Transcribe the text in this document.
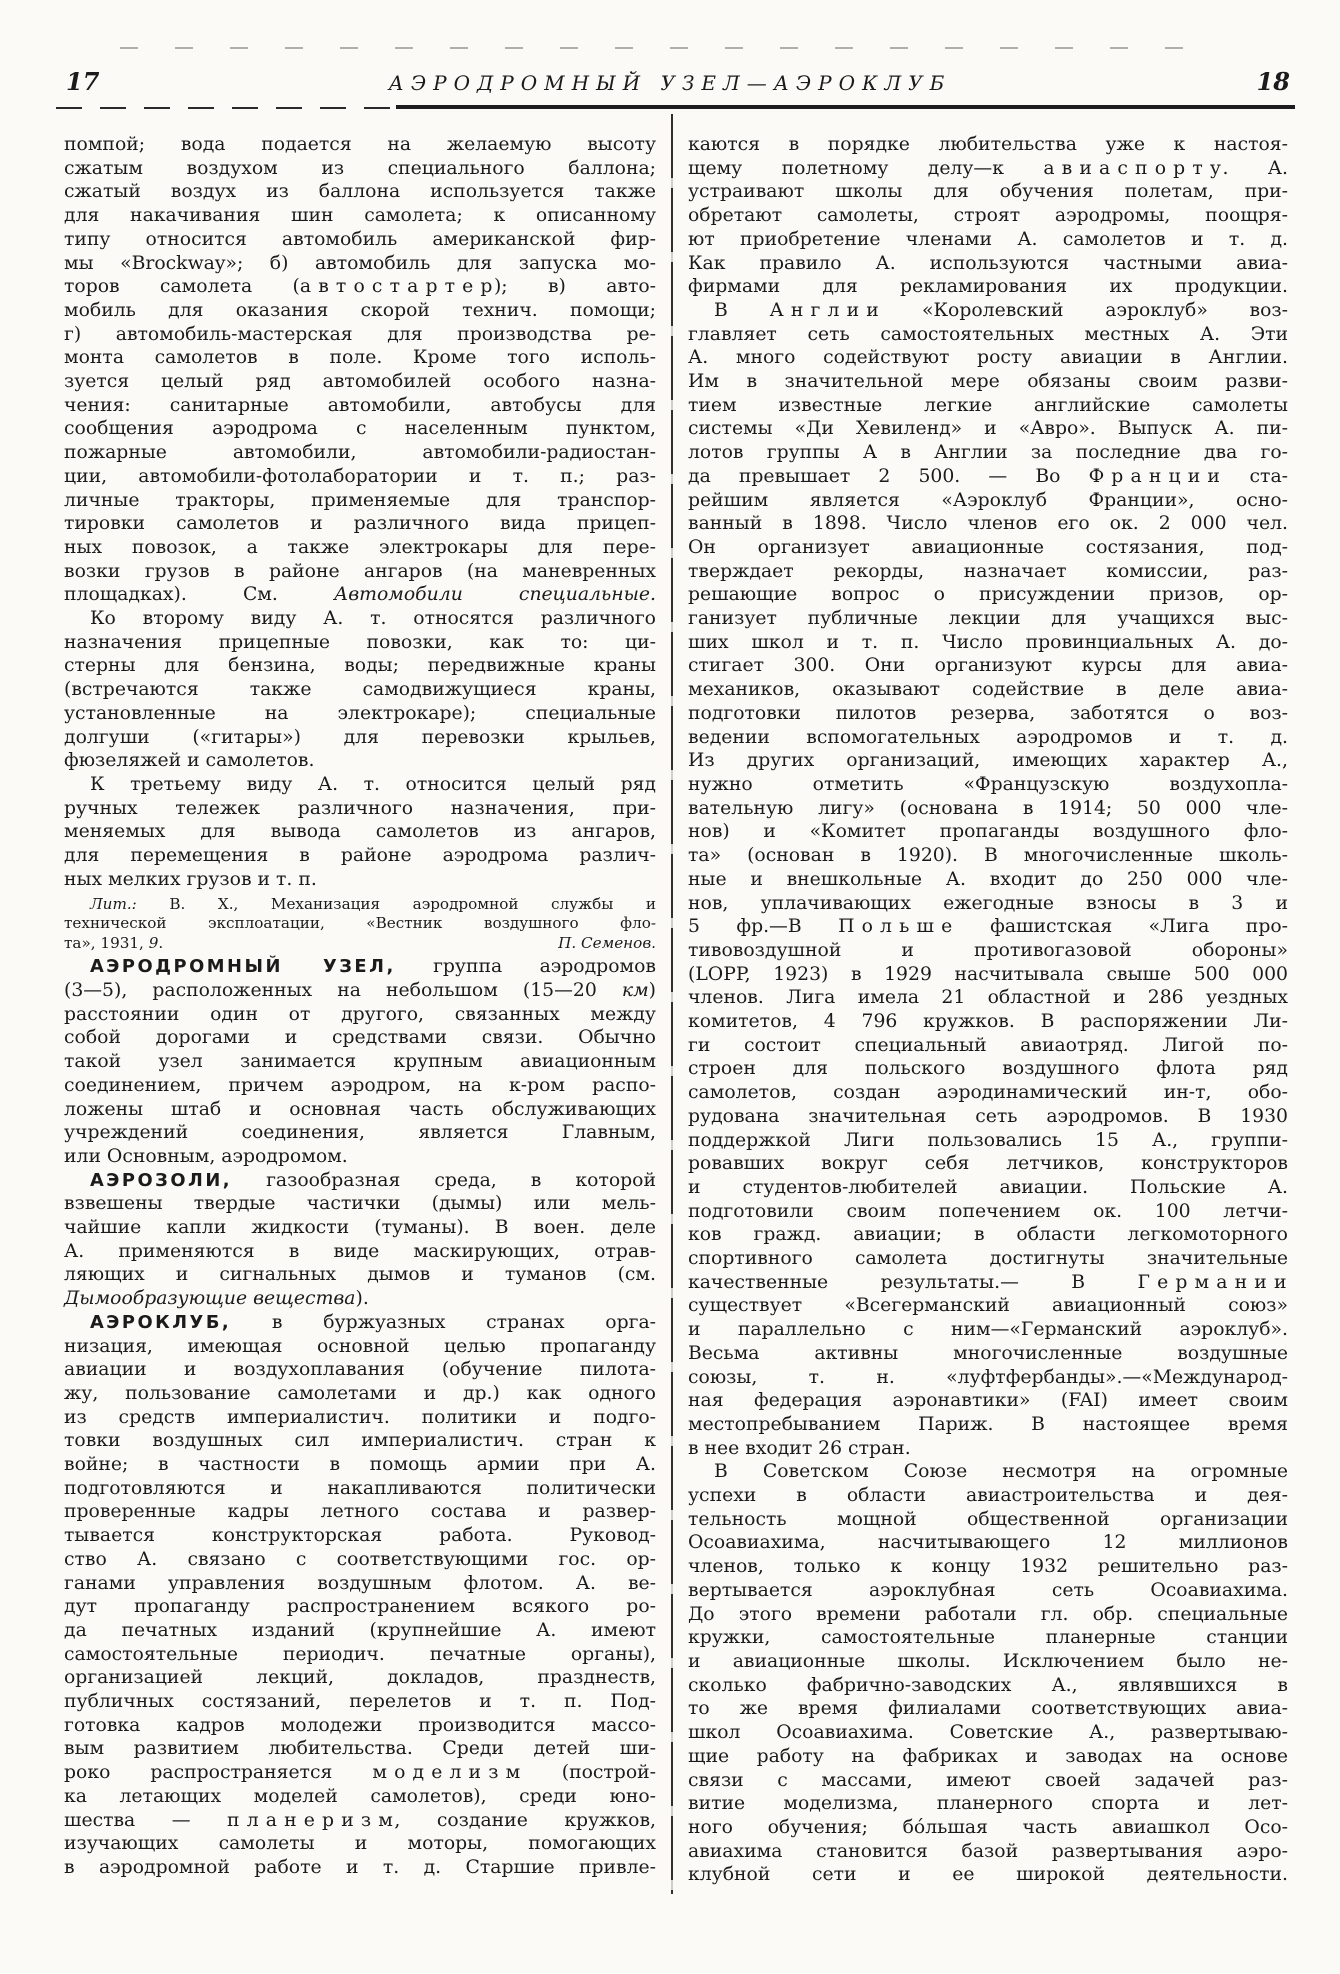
17	АЭРОДРОМНЫЙ УЗЕЛ—АЭРОКЛУБ	18
помпой; вода подается на желаемую высоту
сжатым воздухом из специального баллона;
сжатый воздух из баллона используется также
для накачивания шин самолета; к описанному
типу относится автомобиль американской фир-
мы «Brockway»; б) автомобиль для запуска мо-
торов самолета (автостартер); в) авто-
мобиль для оказания скорой технич. помощи;
г) автомобиль-мастерская для производства ре-
монта самолетов в поле. Кроме того исполь-
зуется целый ряд автомобилей особого назна-
чения: санитарные автомобили, автобусы для
сообщения аэродрома с населенным пунктом,
пожарные автомобили, автомобили-радиостан-
ции, автомобили-фотолаборатории и т. п.; раз-
личные тракторы, применяемые для транспор-
тировки самолетов и различного вида прицеп-
ных повозок, а также электрокары для пере-
возки грузов в районе ангаров (на маневренных
площадках). См. Автомобили специальные.
Ко второму виду А. т. относятся различного
назначения прицепные повозки, как то: ци-
стерны для бензина, воды; передвижные краны
(встречаются также самодвижущиеся краны,
установленные на электрокаре); специальные
долгуши («гитары») для перевозки крыльев,
фюзеляжей и самолетов.
К третьему виду А. т. относится целый ряд
ручных тележек различного назначения, при-
меняемых для вывода самолетов из ангаров,
для перемещения в районе аэродрома различ-
ных мелких грузов и т. п.
Лит.: В. Х., Механизация аэродромной службы и
технической эксплоатации, «Вестник воздушного фло-
та», 1931, 9.	П. Семенов.
АЭРОДРОМНЫЙ УЗЕЛ, группа аэродромов
(3—5), расположенных на небольшом (15—20 км)
расстоянии один от другого, связанных между
собой дорогами и средствами связи. Обычно
такой узел занимается крупным авиационным
соединением, причем аэродром, на к-ром распо-
ложены штаб и основная часть обслуживающих
учреждений соединения, является Главным,
или Основным, аэродромом.
АЭРОЗОЛИ, газообразная среда, в которой
взвешены твердые частички (дымы) или мель-
чайшие капли жидкости (туманы). В воен. деле
А. применяются в виде маскирующих, отрав-
ляющих и сигнальных дымов и туманов (см.
Дымообразующие вещества).
АЭРОКЛУБ, в буржуазных странах орга-
низация, имеющая основной целью пропаганду
авиации и воздухоплавания (обучение пилота-
жу, пользование самолетами и др.) как одного
из средств империалистич. политики и подго-
товки воздушных сил империалистич. стран к
войне; в частности в помощь армии при А.
подготовляются и накапливаются политически
проверенные кадры летного состава и развер-
тывается конструкторская работа. Руковод-
ство А. связано с соответствующими гос. ор-
ганами управления воздушным флотом. А. ве-
дут пропаганду распространением всякого ро-
да печатных изданий (крупнейшие А. имеют
самостоятельные периодич. печатные органы),
организацией лекций, докладов, празднеств,
публичных состязаний, перелетов и т. п. Под-
готовка кадров молодежи производится массо-
вым развитием любительства. Среди детей ши-
роко распространяется моделизм (построй-
ка летающих моделей самолетов), среди юно-
шества — планеризм, создание кружков,
изучающих самолеты и моторы, помогающих
в аэродромной работе и т. д. Старшие привле-
каются в порядке любительства уже к настоя-
щему полетному делу—к авиаспорту. А.
устраивают школы для обучения полетам, при-
обретают самолеты, строят аэродромы, поощря-
ют приобретение членами А. самолетов и т. д.
Как правило А. используются частными авиа-
фирмами для рекламирования их продукции.
В Англии «Королевский аэроклуб» воз-
главляет сеть самостоятельных местных А. Эти
А. много содействуют росту авиации в Англии.
Им в значительной мере обязаны своим разви-
тием известные легкие английские самолеты
системы «Ди Хевиленд» и «Авро». Выпуск А. пи-
лотов группы А в Англии за последние два го-
да превышает 2 500. — Во Франции ста-
рейшим является «Аэроклуб Франции», осно-
ванный в 1898. Число членов его ок. 2 000 чел.
Он организует авиационные состязания, под-
тверждает рекорды, назначает комиссии, раз-
решающие вопрос о присуждении призов, ор-
ганизует публичные лекции для учащихся выс-
ших школ и т. п. Число провинциальных А. до-
стигает 300. Они организуют курсы для авиа-
механиков, оказывают содействие в деле авиа-
подготовки пилотов резерва, заботятся о воз-
ведении вспомогательных аэродромов и т. д.
Из других организаций, имеющих характер А.,
нужно отметить «Французскую воздухопла-
вательную лигу» (основана в 1914; 50 000 чле-
нов) и «Комитет пропаганды воздушного фло-
та» (основан в 1920). В многочисленные школь-
ные и внешкольные А. входит до 250 000 чле-
нов, уплачивающих ежегодные взносы в 3 и
5 фр.—В Польше фашистская «Лига про-
тивовоздушной и противогазовой обороны»
(LOPP, 1923) в 1929 насчитывала свыше 500 000
членов. Лига имела 21 областной и 286 уездных
комитетов, 4 796 кружков. В распоряжении Ли-
ги состоит специальный авиаотряд. Лигой по-
строен для польского воздушного флота ряд
самолетов, создан аэродинамический ин-т, обо-
рудована значительная сеть аэродромов. В 1930
поддержкой Лиги пользовались 15 А., группи-
ровавших вокруг себя летчиков, конструкторов
и студентов-любителей авиации. Польские А.
подготовили своим попечением ок. 100 летчи-
ков гражд. авиации; в области легкомоторного
спортивного самолета достигнуты значительные
качественные результаты.— В Германии
существует «Всегерманский авиационный союз»
и параллельно с ним—«Германский аэроклуб».
Весьма активны многочисленные воздушные
союзы, т. н. «луфтфербанды».—«Международ-
ная федерация аэронавтики» (FAI) имеет своим
местопребыванием Париж. В настоящее время
в нее входит 26 стран.
В Советском Союзе несмотря на огромные
успехи в области авиастроительства и дея-
тельность мощной общественной организации
Осоавиахима, насчитывающего 12 миллионов
членов, только к концу 1932 решительно раз-
вертывается аэроклубная сеть Осоавиахима.
До этого времени работали гл. обр. специальные
кружки, самостоятельные планерные станции
и авиационные школы. Исключением было не-
сколько фабрично-заводских А., являвшихся в
то же время филиалами соответствующих авиа-
школ Осоавиахима. Советские А., развертываю-
щие работу на фабриках и заводах на основе
связи с массами, имеют своей задачей раз-
витие моделизма, планерного спорта и лет-
ного обучения; бо́льшая часть авиашкол Осо-
авиахима становится базой развертывания аэро-
клубной сети и ее широкой деятельности.
